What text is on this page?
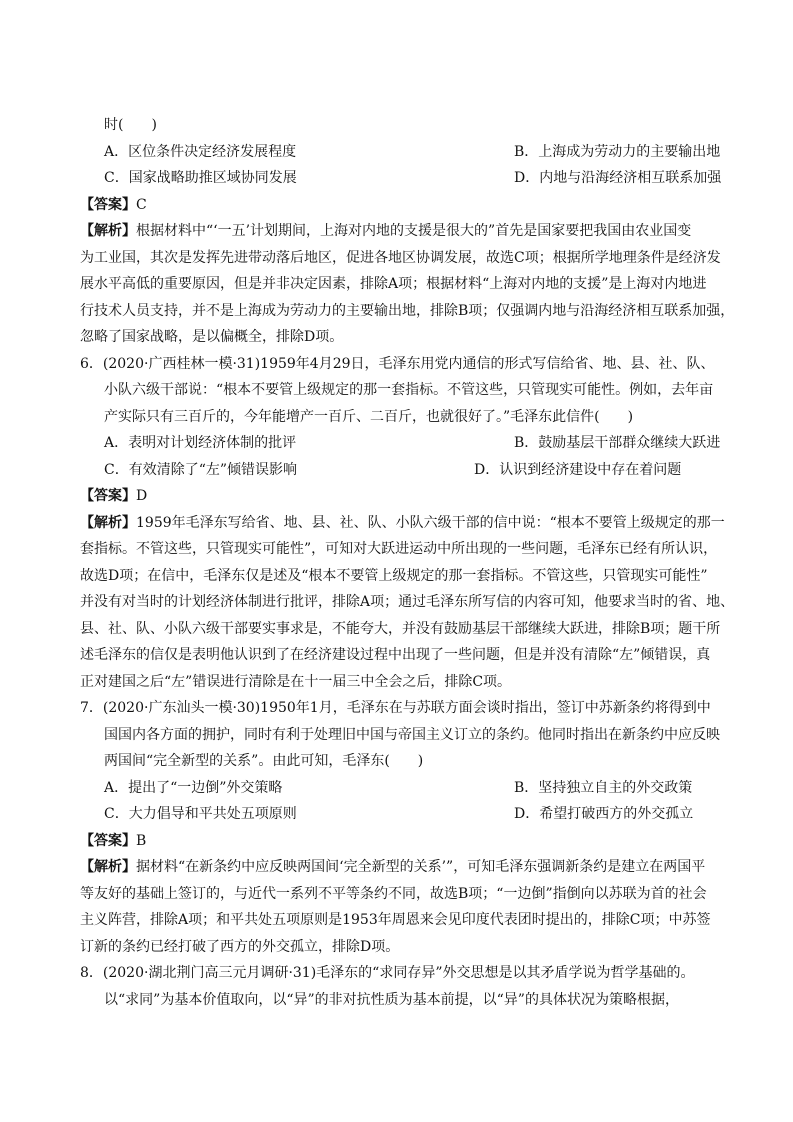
时(　　)
A．区位条件决定经济发展程度	B．上海成为劳动力的主要输出地
C．国家战略助推区域协同发展	D．内地与沿海经济相互联系加强
【答案】C
【解析】根据材料中“‘一五’计划期间，上海对内地的支援是很大的”首先是国家要把我国由农业国变
为工业国，其次是发挥先进带动落后地区，促进各地区协调发展，故选C项；根据所学地理条件是经济发
展水平高低的重要原因，但是并非决定因素，排除A项；根据材料“上海对内地的支援”是上海对内地进
行技术人员支持，并不是上海成为劳动力的主要输出地，排除B项；仅强调内地与沿海经济相互联系加强，
忽略了国家战略，是以偏概全，排除D项。
6．(2020·广西桂林一模·31)1959年4月29日，毛泽东用党内通信的形式写信给省、地、县、社、队、
小队六级干部说：“根本不要管上级规定的那一套指标。不管这些，只管现实可能性。例如，去年亩
产实际只有三百斤的，今年能增产一百斤、二百斤，也就很好了。”毛泽东此信件(　　)
A．表明对计划经济体制的批评	B．鼓励基层干部群众继续大跃进
C．有效清除了“左”倾错误影响	D．认识到经济建设中存在着问题
【答案】D
【解析】1959年毛泽东写给省、地、县、社、队、小队六级干部的信中说：“根本不要管上级规定的那一
套指标。不管这些，只管现实可能性”，可知对大跃进运动中所出现的一些问题，毛泽东已经有所认识，
故选D项；在信中，毛泽东仅是述及“根本不要管上级规定的那一套指标。不管这些，只管现实可能性”
并没有对当时的计划经济体制进行批评，排除A项；通过毛泽东所写信的内容可知，他要求当时的省、地、
县、社、队、小队六级干部要实事求是，不能夸大，并没有鼓励基层干部继续大跃进，排除B项；题干所
述毛泽东的信仅是表明他认识到了在经济建设过程中出现了一些问题，但是并没有清除“左”倾错误，真
正对建国之后“左”错误进行清除是在十一届三中全会之后，排除C项。
7．(2020·广东汕头一模·30)1950年1月，毛泽东在与苏联方面会谈时指出，签订中苏新条约将得到中
国国内各方面的拥护，同时有利于处理旧中国与帝国主义订立的条约。他同时指出在新条约中应反映
两国间“完全新型的关系”。由此可知，毛泽东(　　)
A．提出了“一边倒”外交策略	B．坚持独立自主的外交政策
C．大力倡导和平共处五项原则	D．希望打破西方的外交孤立
【答案】B
【解析】据材料“在新条约中应反映两国间‘完全新型的关系’”，可知毛泽东强调新条约是建立在两国平
等友好的基础上签订的，与近代一系列不平等条约不同，故选B项；“一边倒”指倒向以苏联为首的社会
主义阵营，排除A项；和平共处五项原则是1953年周恩来会见印度代表团时提出的，排除C项；中苏签
订新的条约已经打破了西方的外交孤立，排除D项。
8．(2020·湖北荆门高三元月调研·31)毛泽东的“求同存异”外交思想是以其矛盾学说为哲学基础的。
以“求同”为基本价值取向，以“异”的非对抗性质为基本前提，以“异”的具体状况为策略根据，
